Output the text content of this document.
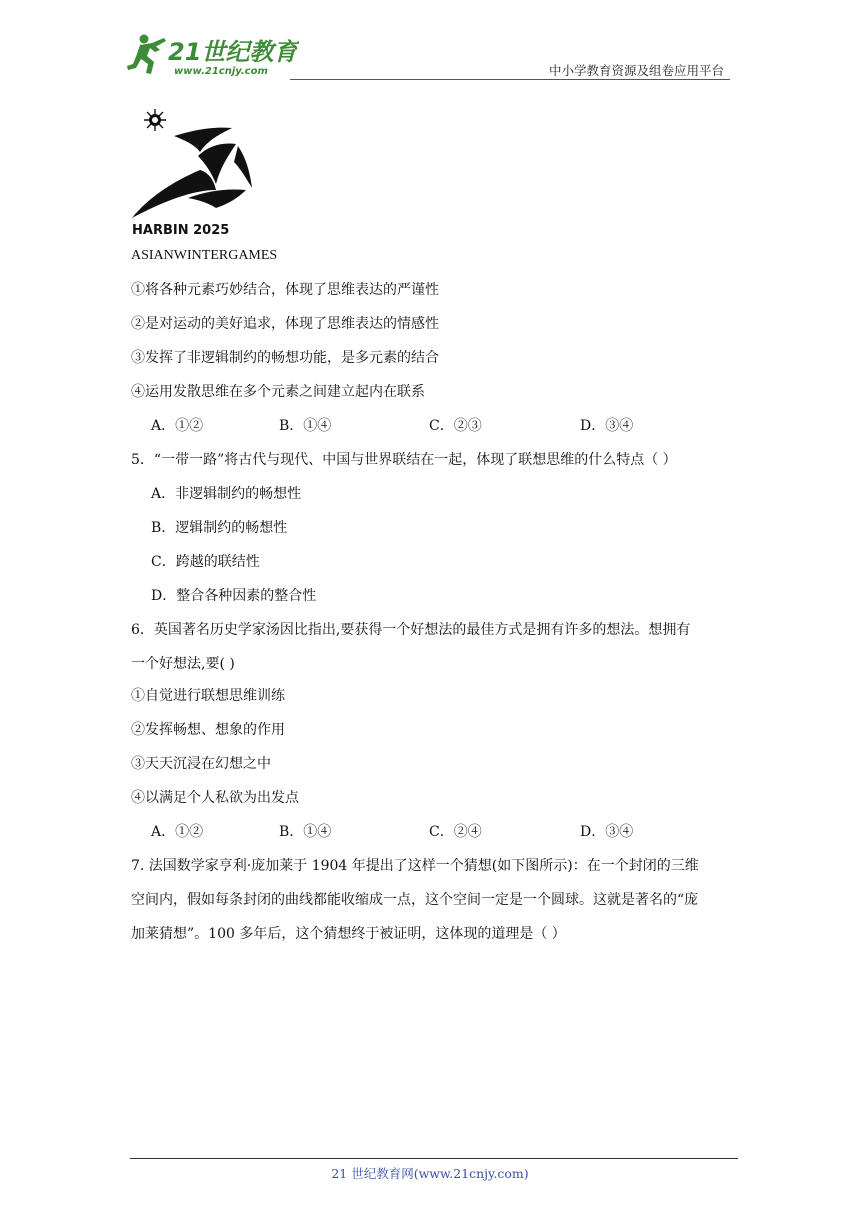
21世纪教育
www.21cnjy.com	中小学教育资源及组卷应用平台
HARBIN 2025
ASIANWINTERGAMES
①将各种元素巧妙结合，体现了思维表达的严谨性
②是对运动的美好追求，体现了思维表达的情感性
③发挥了非逻辑制约的畅想功能，是多元素的结合
④运用发散思维在多个元素之间建立起内在联系
A．①②	B．①④	C．②③	D．③④
5．“一带一路”将古代与现代、中国与世界联结在一起，体现了联想思维的什么特点（ ）
A．非逻辑制约的畅想性
B．逻辑制约的畅想性
C．跨越的联结性
D．整合各种因素的整合性
6．英国著名历史学家汤因比指出,要获得一个好想法的最佳方式是拥有许多的想法。想拥有
一个好想法,要( )
①自觉进行联想思维训练
②发挥畅想、想象的作用
③天天沉浸在幻想之中
④以满足个人私欲为出发点
A．①②	B．①④	C．②④	D．③④
7. 法国数学家亨利·庞加莱于 1904 年提出了这样一个猜想(如下图所示)：在一个封闭的三维
空间内，假如每条封闭的曲线都能收缩成一点，这个空间一定是一个圆球。这就是著名的“庞
加莱猜想”。100 多年后，这个猜想终于被证明，这体现的道理是（ ）
21 世纪教育网(www.21cnjy.com)
